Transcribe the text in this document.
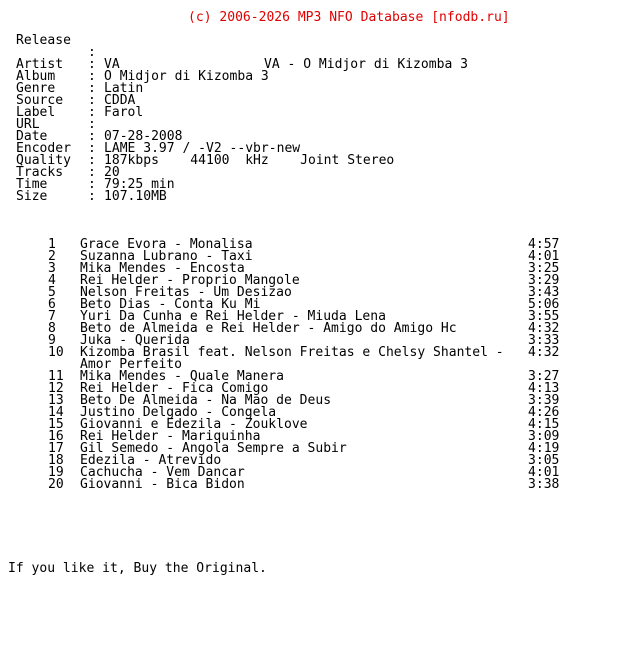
(c) 2006-2026 MP3 NFO Database [nfodb.ru]

Release

:

VA - O Midjor di Kizomba 3

Artist : VA
Album : O Midjor di Kizomba 3
Genre : Latin
Source : CDDA
Label : Farol
URL	:
Date	: 07-28-2008
Encoder : LAME 3.97 / -V2 --vbr-new
Quality : 187kbps    44100  kHz    Joint Stereo
Tracks : 20
Time	: 79:25 min
Size	: 107.10MB
1 Grace Evora - Monalisa	4:57
2 Suzanna Lubrano - Taxi	4:01
3 Mika Mendes - Encosta	3:25
4 Rei Helder - Proprio Mangole	3:29
5 Nelson Freitas - Um Desizao	3:43
6 Beto Dias - Conta Ku Mi	5:06
7 Yuri Da Cunha e Rei Helder - Miuda Lena	3:55
8 Beto de Almeida e Rei Helder - Amigo do Amigo Hc	4:32
9 Juka - Querida	3:33
10 Kizomba Brasil feat. Nelson Freitas e Chelsy Shantel - 4:32
Amor Perfeito
11 Mika Mendes - Quale Manera	3:27
12 Rei Helder - Fica Comigo	4:13
13 Beto De Almeida - Na Mao de Deus	3:39
14 Justino Delgado - Congela	4:26
15 Giovanni e Edezila - Zouklove	4:15
16 Rei Helder - Mariquinha	3:09
17 Gil Semedo - Angola Sempre a Subir	4:19
18 Edezila - Atrevido	3:05
19 Cachucha - Vem Dancar	4:01
20 Giovanni - Bica Bidon	3:38

If you like it, Buy the Original.
